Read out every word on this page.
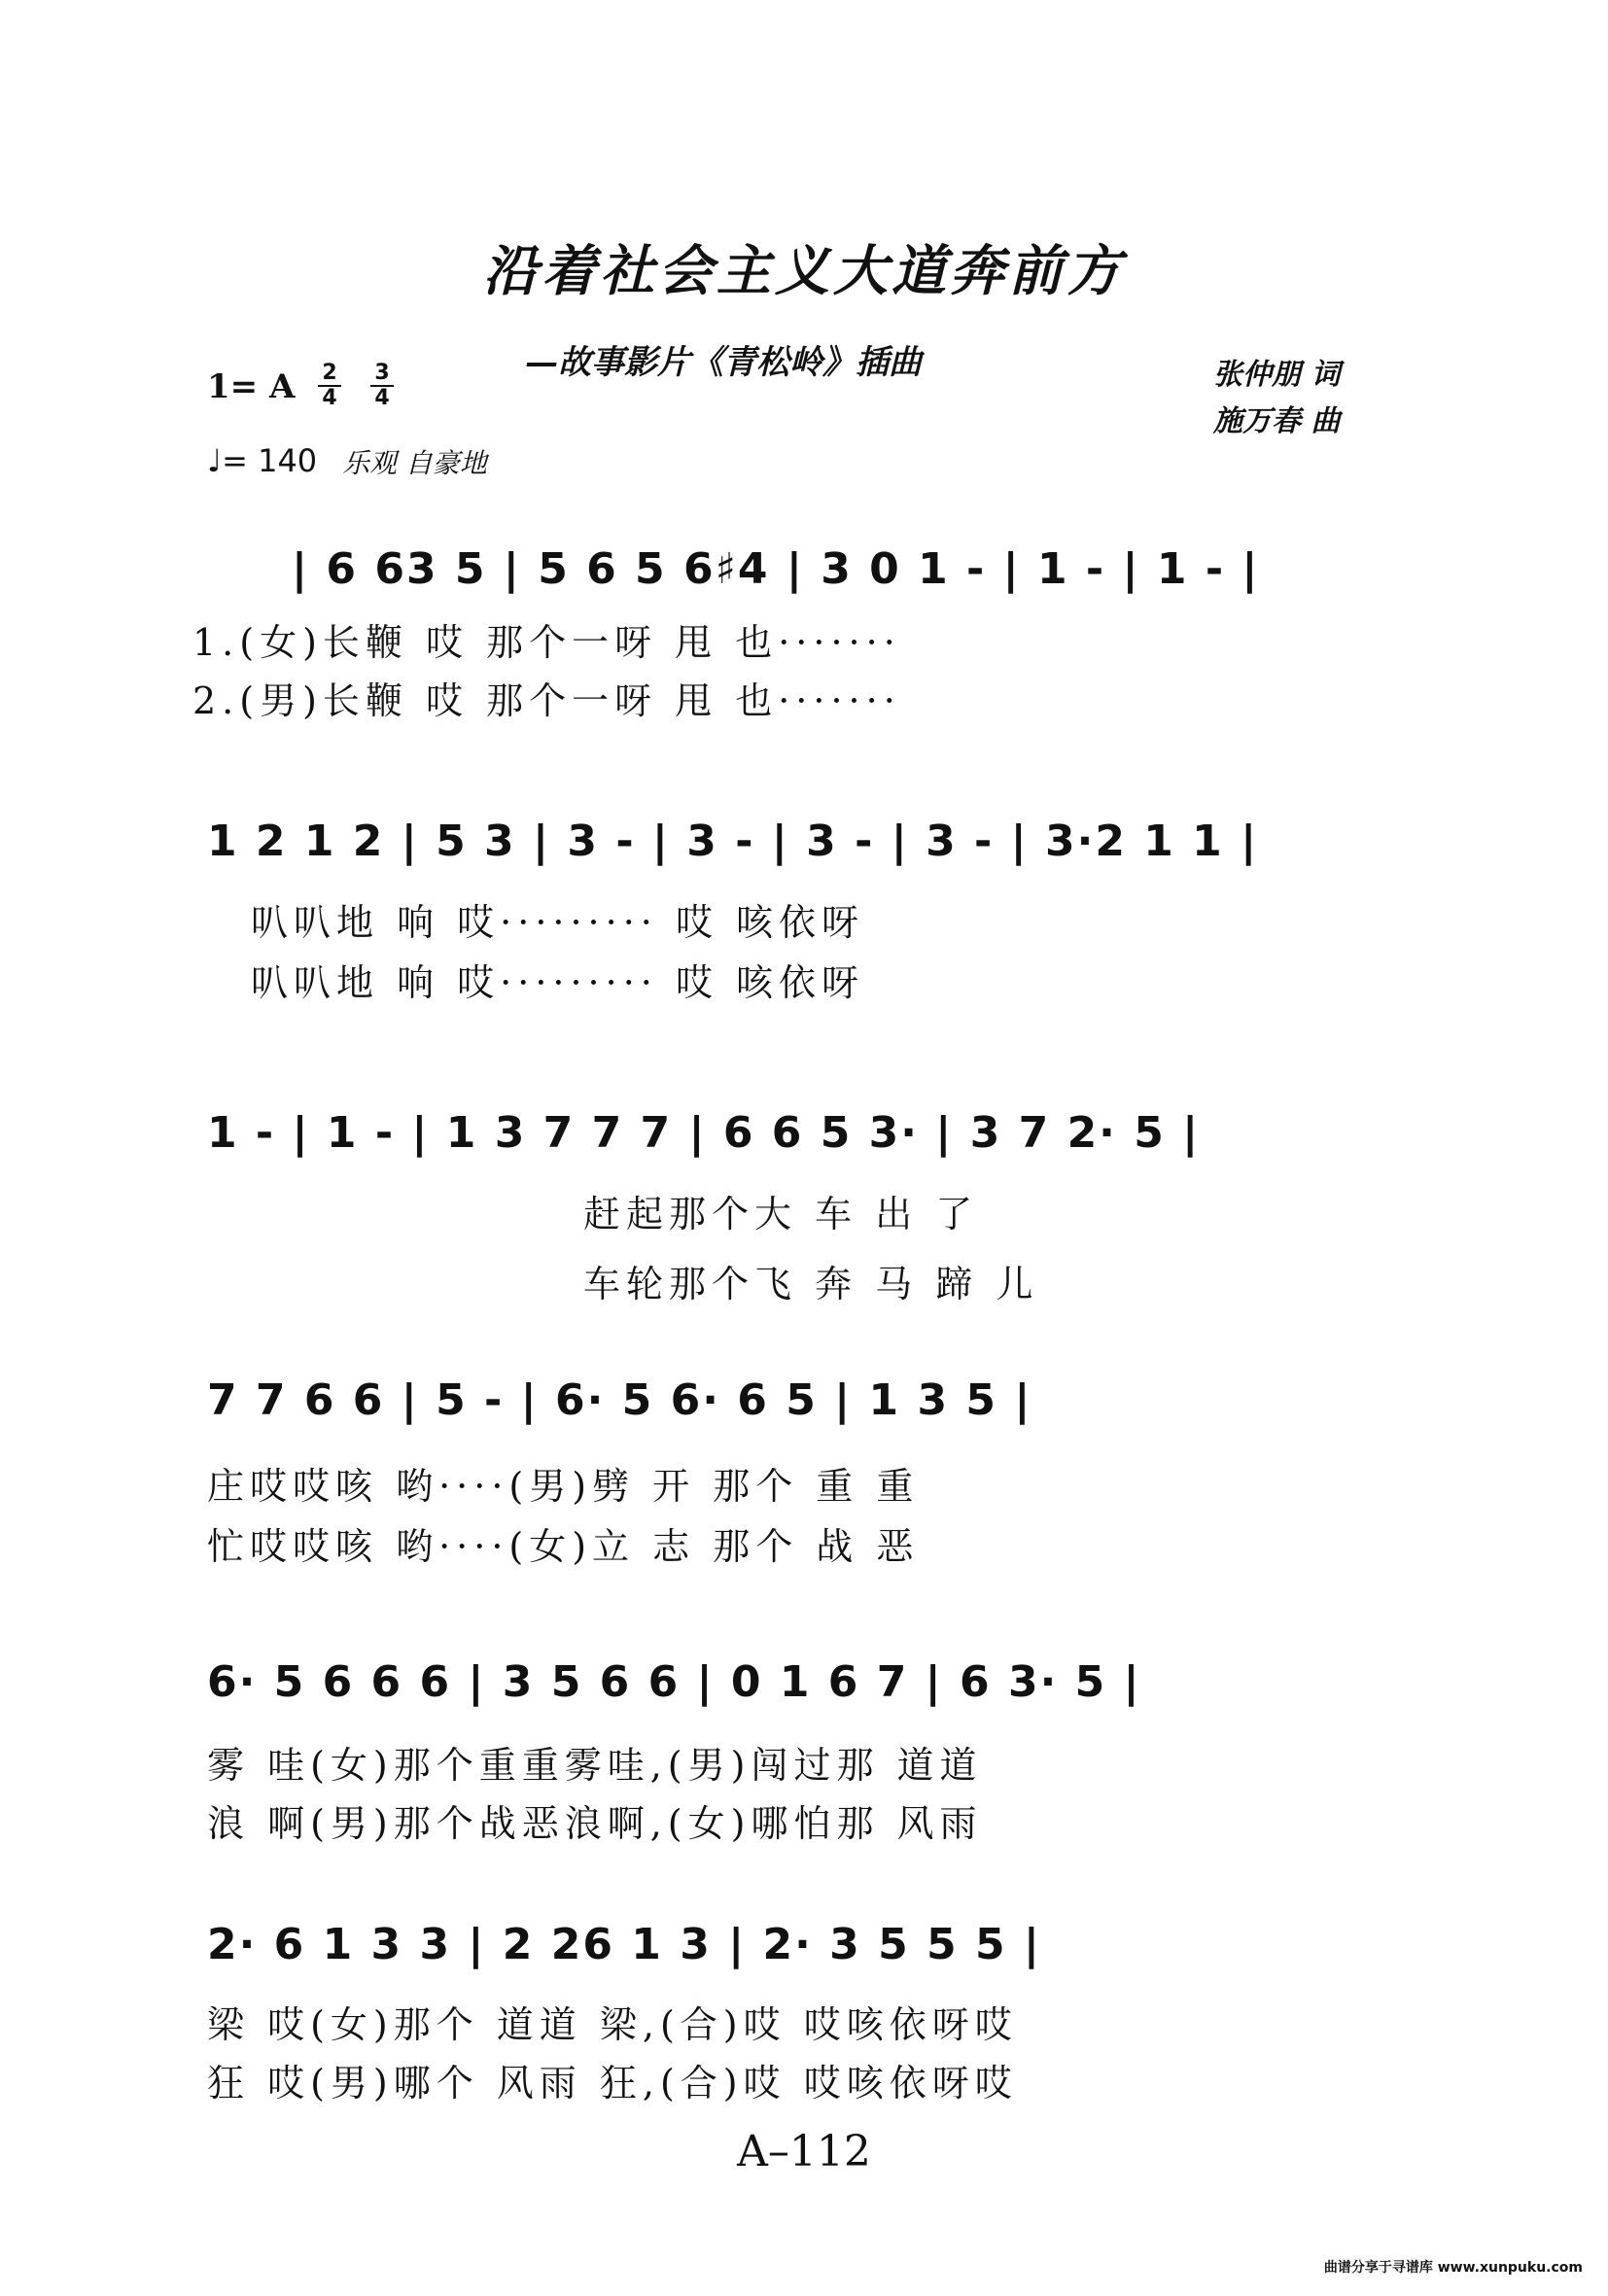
沿着社会主义大道奔前方
—故事影片《青松岭》插曲	张仲朋 词
施万春 曲
1= A 2
4
3
4
♩= 140 乐观 自豪地
| 6 63 5 | 5 6 5 6♯4 | 3 0 1 - | 1 - | 1 - |
1.(女)长鞭 哎 那个一呀 甩 也·······
2.(男)长鞭 哎 那个一呀 甩 也·······
1 2 1 2 | 5 3 | 3 - | 3 - | 3 - | 3 - | 3·2 1 1 |
叭叭地 响 哎········· 哎 咳依呀
叭叭地 响 哎········· 哎 咳依呀
1 - | 1 - | 1 3 7 7 7 | 6 6 5 3· | 3 7 2· 5 |
赶起那个大 车 出 了
车轮那个飞 奔 马 蹄 儿
7 7 6 6 | 5 - | 6· 5 6· 6 5 | 1 3 5 |
庄哎哎咳 哟····(男)劈 开 那个 重 重
忙哎哎咳 哟····(女)立 志 那个 战 恶
6· 5 6 6 6 | 3 5 6 6 | 0 1 6 7 | 6 3· 5 |
雾 哇(女)那个重重雾哇,(男)闯过那 道道
浪 啊(男)那个战恶浪啊,(女)哪怕那 风雨
2· 6 1 3 3 | 2 26 1 3 | 2· 3 5 5 5 |
梁 哎(女)那个 道道 梁,(合)哎 哎咳依呀哎
狂 哎(男)哪个 风雨 狂,(合)哎 哎咳依呀哎
A–112
曲谱分享于寻谱库 www.xunpuku.com
